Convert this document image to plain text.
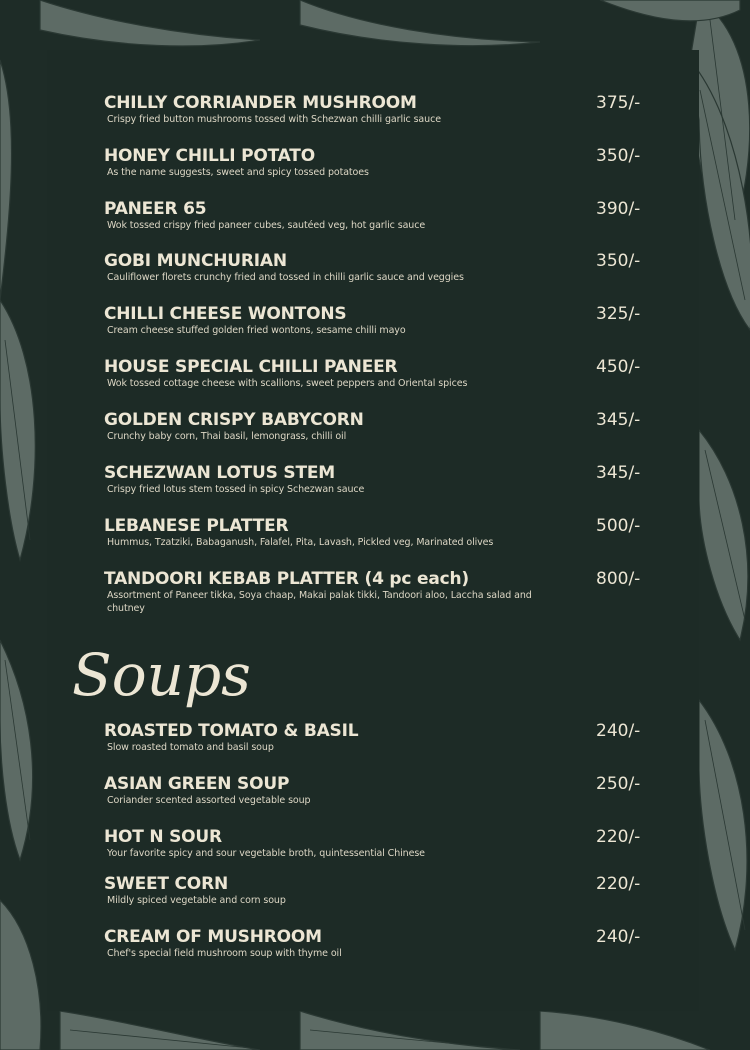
CHILLY CORRIANDER MUSHROOM
Crispy fried button mushrooms tossed with Schezwan chilli garlic sauce
375/-
HONEY CHILLI POTATO
As the name suggests, sweet and spicy tossed potatoes
350/-
PANEER 65
Wok tossed crispy fried paneer cubes, sautéed veg, hot garlic sauce
390/-
GOBI MUNCHURIAN
Cauliflower florets crunchy fried and tossed in chilli garlic sauce and veggies
350/-
CHILLI CHEESE WONTONS
Cream cheese stuffed golden fried wontons, sesame chilli mayo
325/-
HOUSE SPECIAL CHILLI PANEER
Wok tossed cottage cheese with scallions, sweet peppers and Oriental spices
450/-
GOLDEN CRISPY BABYCORN
Crunchy baby corn, Thai basil, lemongrass, chilli oil
345/-
SCHEZWAN LOTUS STEM
Crispy fried lotus stem tossed in spicy Schezwan sauce
345/-
LEBANESE PLATTER
Hummus, Tzatziki, Babaganush, Falafel, Pita, Lavash, Pickled veg, Marinated olives
500/-
TANDOORI KEBAB PLATTER (4 pc each)
Assortment of Paneer tikka, Soya chaap, Makai palak tikki, Tandoori aloo, Laccha salad and chutney
800/-
Soups
ROASTED TOMATO & BASIL
Slow roasted tomato and basil soup
240/-
ASIAN GREEN SOUP
Coriander scented assorted vegetable soup
250/-
HOT N SOUR
Your favorite spicy and sour vegetable broth, quintessential Chinese
220/-
SWEET CORN
Mildly spiced vegetable and corn soup
220/-
CREAM OF MUSHROOM
Chef's special field mushroom soup with thyme oil
240/-
